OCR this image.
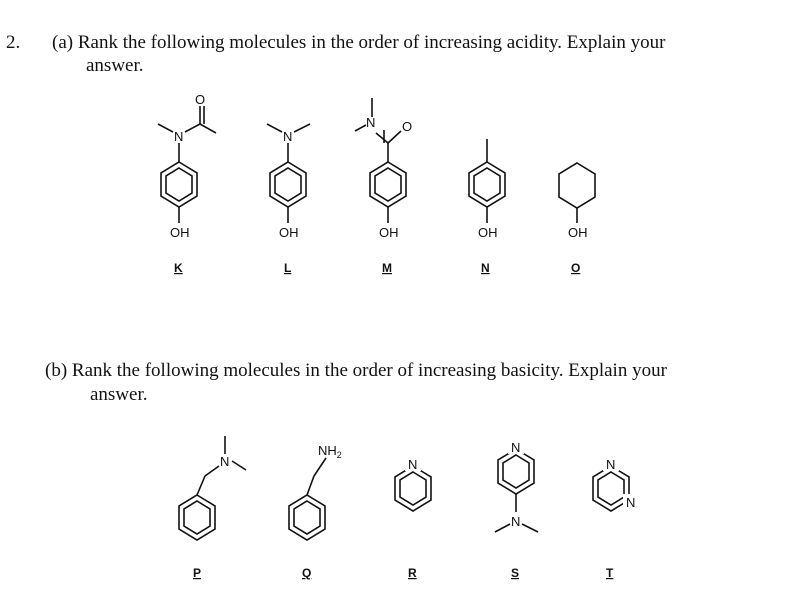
2. (a) Rank the following molecules in the order of increasing acidity. Explain your
answer.
(b) Rank the following molecules in the order of increasing basicity. Explain your
answer.
N
O
OH
K
N
OH
L
N O
OH
M
OH
N
OH
O
N
P
$NH_2$
Q
N
R
N
N
S
N
N
T
